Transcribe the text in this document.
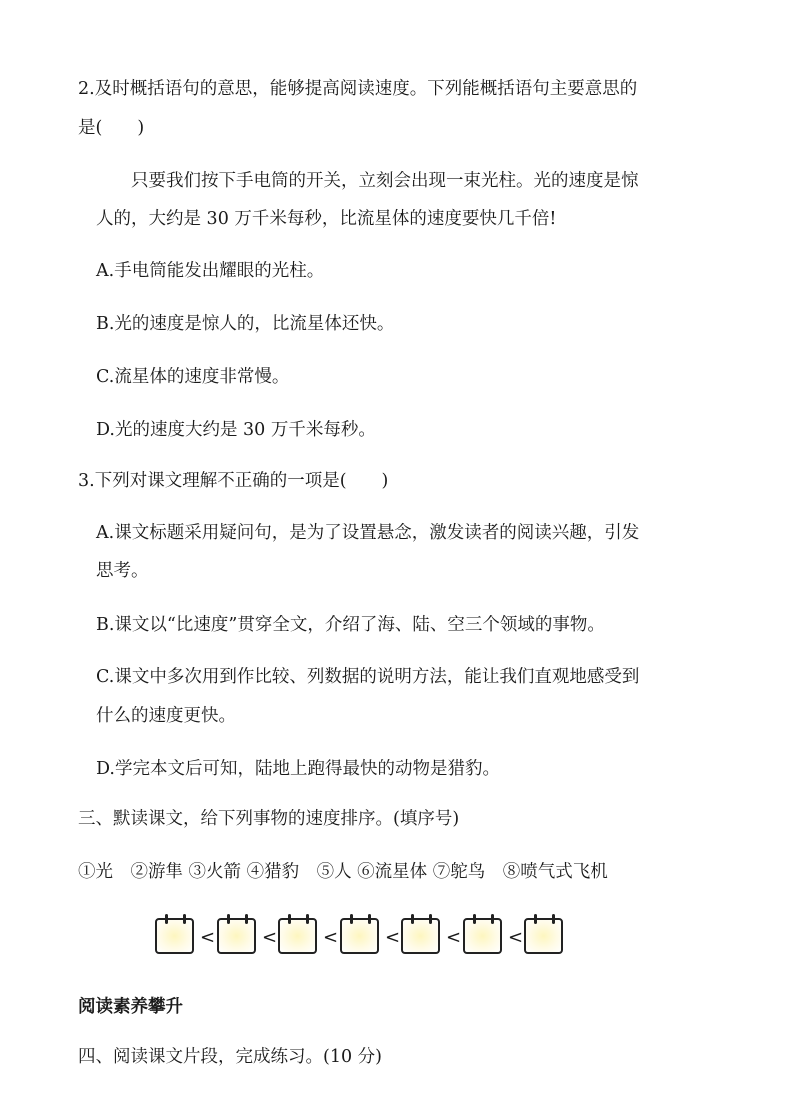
2.及时概括语句的意思，能够提高阅读速度。下列能概括语句主要意思的
是(　　)
只要我们按下手电筒的开关，立刻会出现一束光柱。光的速度是惊
人的，大约是 30 万千米每秒，比流星体的速度要快几千倍!
A.手电筒能发出耀眼的光柱。
B.光的速度是惊人的，比流星体还快。
C.流星体的速度非常慢。
D.光的速度大约是 30 万千米每秒。
3.下列对课文理解不正确的一项是(　　)
A.课文标题采用疑问句，是为了设置悬念，激发读者的阅读兴趣，引发
思考。
B.课文以“比速度”贯穿全文，介绍了海、陆、空三个领域的事物。
C.课文中多次用到作比较、列数据的说明方法，能让我们直观地感受到
什么的速度更快。
D.学完本文后可知，陆地上跑得最快的动物是猎豹。
三、默读课文，给下列事物的速度排序。(填序号)
①光　②游隼 ③火箭 ④猎豹　⑤人 ⑥流星体 ⑦鸵鸟　⑧喷气式飞机
<	<	<	<	<	<
阅读素养攀升
四、阅读课文片段，完成练习。(10 分)
